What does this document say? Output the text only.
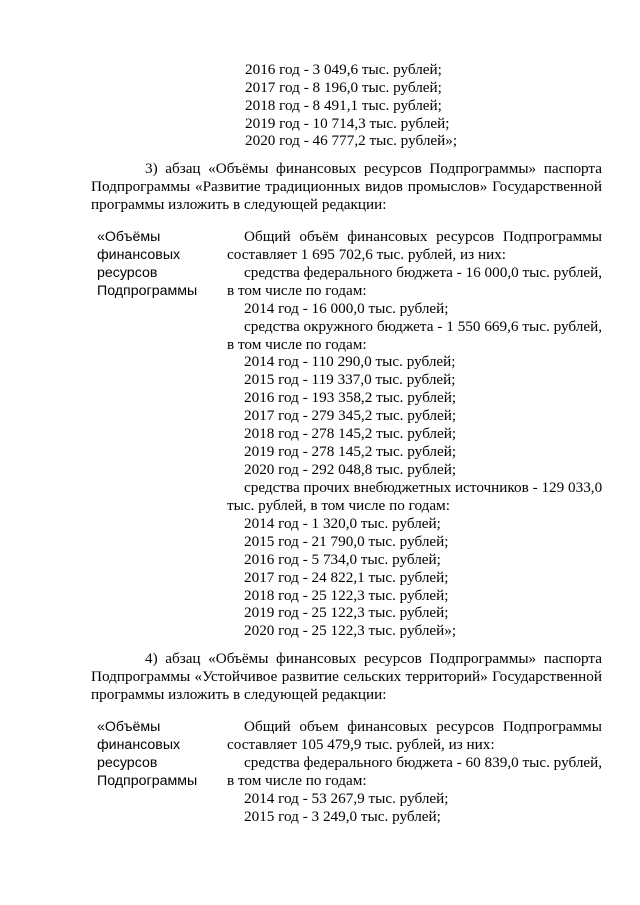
2016 год - 3 049,6 тыс. рублей;
2017 год - 8 196,0 тыс. рублей;
2018 год - 8 491,1 тыс. рублей;
2019 год - 10 714,3 тыс. рублей;
2020 год - 46 777,2 тыс. рублей»;
3) абзац «Объёмы финансовых ресурсов Подпрограммы» паспорта
Подпрограммы «Развитие традиционных видов промыслов» Государственной
программы изложить в следующей редакции:
«Объёмы
финансовых
ресурсов
Подпрограммы
Общий объём финансовых ресурсов Подпрограммы
составляет 1 695 702,6 тыс. рублей, из них:
средства федерального бюджета - 16 000,0 тыс. рублей,
в том числе по годам:
2014 год - 16 000,0 тыс. рублей;
средства окружного бюджета - 1 550 669,6 тыс. рублей,
в том числе по годам:
2014 год - 110 290,0 тыс. рублей;
2015 год - 119 337,0 тыс. рублей;
2016 год - 193 358,2 тыс. рублей;
2017 год - 279 345,2 тыс. рублей;
2018 год - 278 145,2 тыс. рублей;
2019 год - 278 145,2 тыс. рублей;
2020 год - 292 048,8 тыс. рублей;
средства прочих внебюджетных источников - 129 033,0
тыс. рублей, в том числе по годам:
2014 год - 1 320,0 тыс. рублей;
2015 год - 21 790,0 тыс. рублей;
2016 год - 5 734,0 тыс. рублей;
2017 год - 24 822,1 тыс. рублей;
2018 год - 25 122,3 тыс. рублей;
2019 год - 25 122,3 тыс. рублей;
2020 год - 25 122,3 тыс. рублей»;
4) абзац «Объёмы финансовых ресурсов Подпрограммы» паспорта
Подпрограммы «Устойчивое развитие сельских территорий» Государственной
программы изложить в следующей редакции:
«Объёмы
финансовых
ресурсов
Подпрограммы
Общий объем финансовых ресурсов Подпрограммы
составляет 105 479,9 тыс. рублей, из них:
средства федерального бюджета - 60 839,0 тыс. рублей,
в том числе по годам:
2014 год - 53 267,9 тыс. рублей;
2015 год - 3 249,0 тыс. рублей;
